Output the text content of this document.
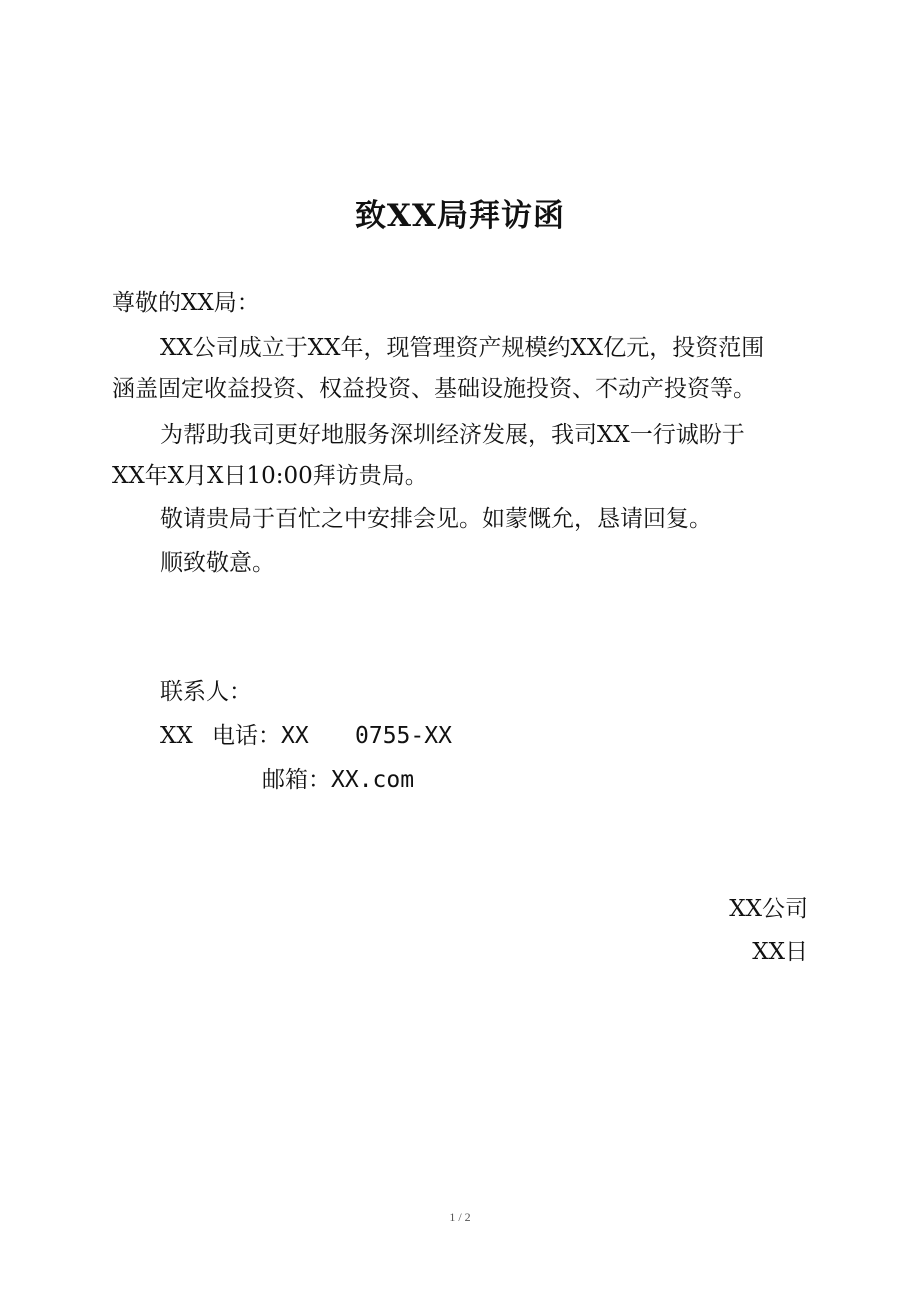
致XX局拜访函
尊敬的XX局：
XX公司成立于XX年，现管理资产规模约XX亿元，投资范围
涵盖固定收益投资、权益投资、基础设施投资、不动产投资等。
为帮助我司更好地服务深圳经济发展，我司XX一行诚盼于
XX年X月X日10:00拜访贵局。
敬请贵局于百忙之中安排会见。如蒙慨允，恳请回复。
顺致敬意。
联系人：
XX 电话：XX 0755-XX
邮箱：XX.com
XX公司
XX日
1 / 2
